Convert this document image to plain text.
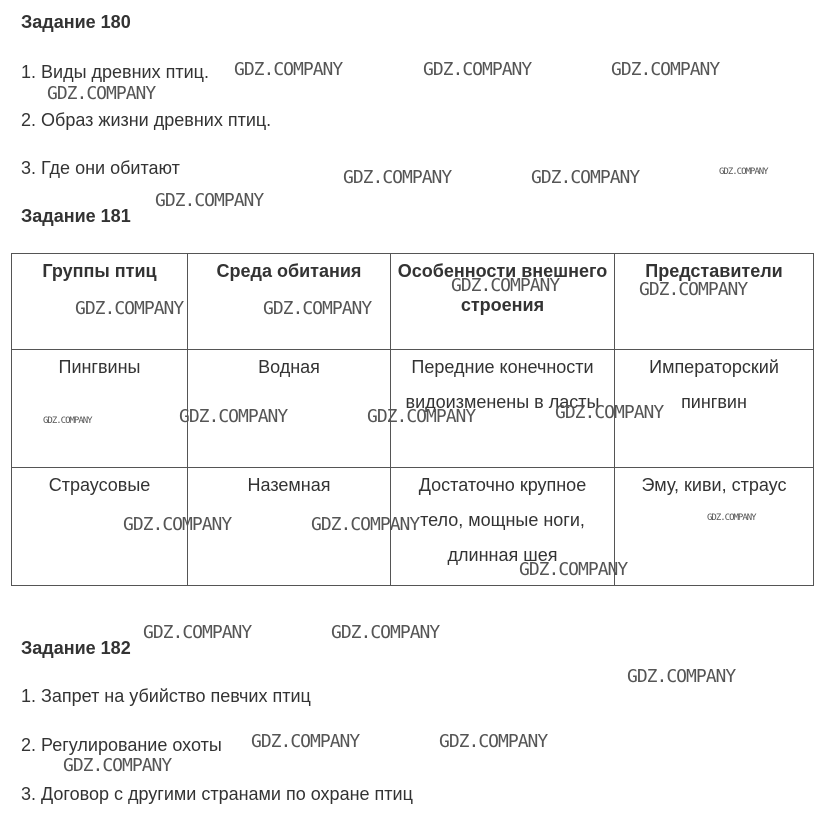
Задание 180
1. Виды древних птиц.
2. Образ жизни древних птиц.
3. Где они обитают
Задание 181
Группы птиц	Среда обитания	Особенности внешнего строения	Представители
Пингвины	Водная	Передние конечности видоизменены в ласты	Императорский пингвин
Страусовые	Наземная	Достаточно крупное тело, мощные ноги, длинная шея	Эму, киви, страус
Задание 182
1. Запрет на убийство певчих птиц
2. Регулирование охоты
3. Договор с другими странами по охране птиц
GDZ.COMPANY	GDZ.COMPANY	GDZ.COMPANY
GDZ.COMPANY
GDZ.COMPANY	GDZ.COMPANY	GDZ.COMPANY
GDZ.COMPANY
GDZ.COMPANY	GDZ.COMPANY
GDZ.COMPANY	GDZ.COMPANY
GDZ.COMPANY	GDZ.COMPANY	GDZ.COMPANY	GDZ.COMPANY
GDZ.COMPANY	GDZ.COMPANY	GDZ.COMPANY
GDZ.COMPANY
GDZ.COMPANY	GDZ.COMPANY
GDZ.COMPANY
GDZ.COMPANY	GDZ.COMPANY
GDZ.COMPANY
